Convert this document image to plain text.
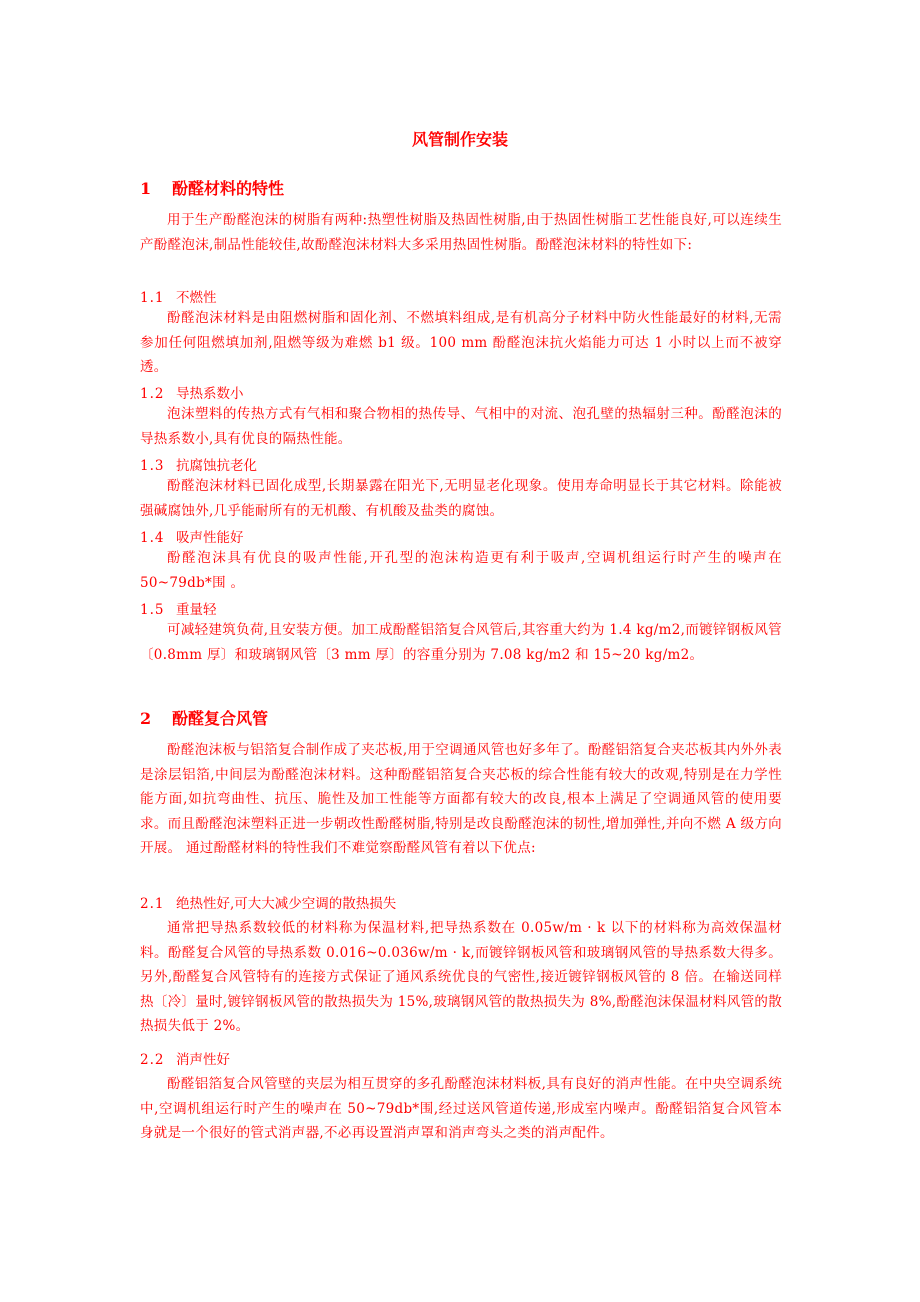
风管制作安装
1 酚醛材料的特性

用于生产酚醛泡沫的树脂有两种:热塑性树脂及热固性树脂,由于热固性树脂工艺性能良好,可以连续生产酚醛泡沫,制品性能较佳,故酚醛泡沫材料大多采用热固性树脂。酚醛泡沫材料的特性如下:

1.1 不燃性

酚醛泡沫材料是由阻燃树脂和固化剂、不燃填料组成,是有机高分子材料中防火性能最好的材料,无需参加任何阻燃填加剂,阻燃等级为难燃 b1 级。100 mm 酚醛泡沫抗火焰能力可达 1 小时以上而不被穿透。

1.2 导热系数小

泡沫塑料的传热方式有气相和聚合物相的热传导、气相中的对流、泡孔壁的热辐射三种。酚醛泡沫的导热系数小,具有优良的隔热性能。

1.3 抗腐蚀抗老化

酚醛泡沫材料已固化成型,长期暴露在阳光下,无明显老化现象。使用寿命明显长于其它材料。除能被强碱腐蚀外,几乎能耐所有的无机酸、有机酸及盐类的腐蚀。

1.4 吸声性能好

酚醛泡沫具有优良的吸声性能,开孔型的泡沫构造更有利于吸声,空调机组运行时产生的噪声在 50~79db*围 。

1.5 重量轻

可减轻建筑负荷,且安装方便。加工成酚醛铝箔复合风管后,其容重大约为 1.4 kg/m2,而镀锌钢板风管〔0.8mm 厚〕和玻璃钢风管〔3 mm 厚〕的容重分别为 7.08 kg/m2 和 15~20 kg/m2。

2 酚醛复合风管

酚醛泡沫板与铝箔复合制作成了夹芯板,用于空调通风管也好多年了。酚醛铝箔复合夹芯板其内外外表是涂层铝箔,中间层为酚醛泡沫材料。这种酚醛铝箔复合夹芯板的综合性能有较大的改观,特别是在力学性能方面,如抗弯曲性、抗压、脆性及加工性能等方面都有较大的改良,根本上满足了空调通风管的使用要求。而且酚醛泡沫塑料正进一步朝改性酚醛树脂,特别是改良酚醛泡沫的韧性,增加弹性,并向不燃 A 级方向开展。 通过酚醛材料的特性我们不难觉察酚醛风管有着以下优点:

2.1 绝热性好,可大大减少空调的散热损失

通常把导热系数较低的材料称为保温材料,把导热系数在 0.05w/m · k 以下的材料称为高效保温材料。酚醛复合风管的导热系数 0.016~0.036w/m · k,而镀锌钢板风管和玻璃钢风管的导热系数大得多。另外,酚醛复合风管特有的连接方式保证了通风系统优良的气密性,接近镀锌钢板风管的 8 倍。在输送同样热〔冷〕量时,镀锌钢板风管的散热损失为 15%,玻璃钢风管的散热损失为 8%,酚醛泡沫保温材料风管的散热损失低于 2%。

2.2 消声性好

酚醛铝箔复合风管壁的夹层为相互贯穿的多孔酚醛泡沫材料板,具有良好的消声性能。在中央空调系统中,空调机组运行时产生的噪声在 50~79db*围,经过送风管道传递,形成室内噪声。酚醛铝箔复合风管本身就是一个很好的管式消声器,不必再设置消声罩和消声弯头之类的消声配件。
